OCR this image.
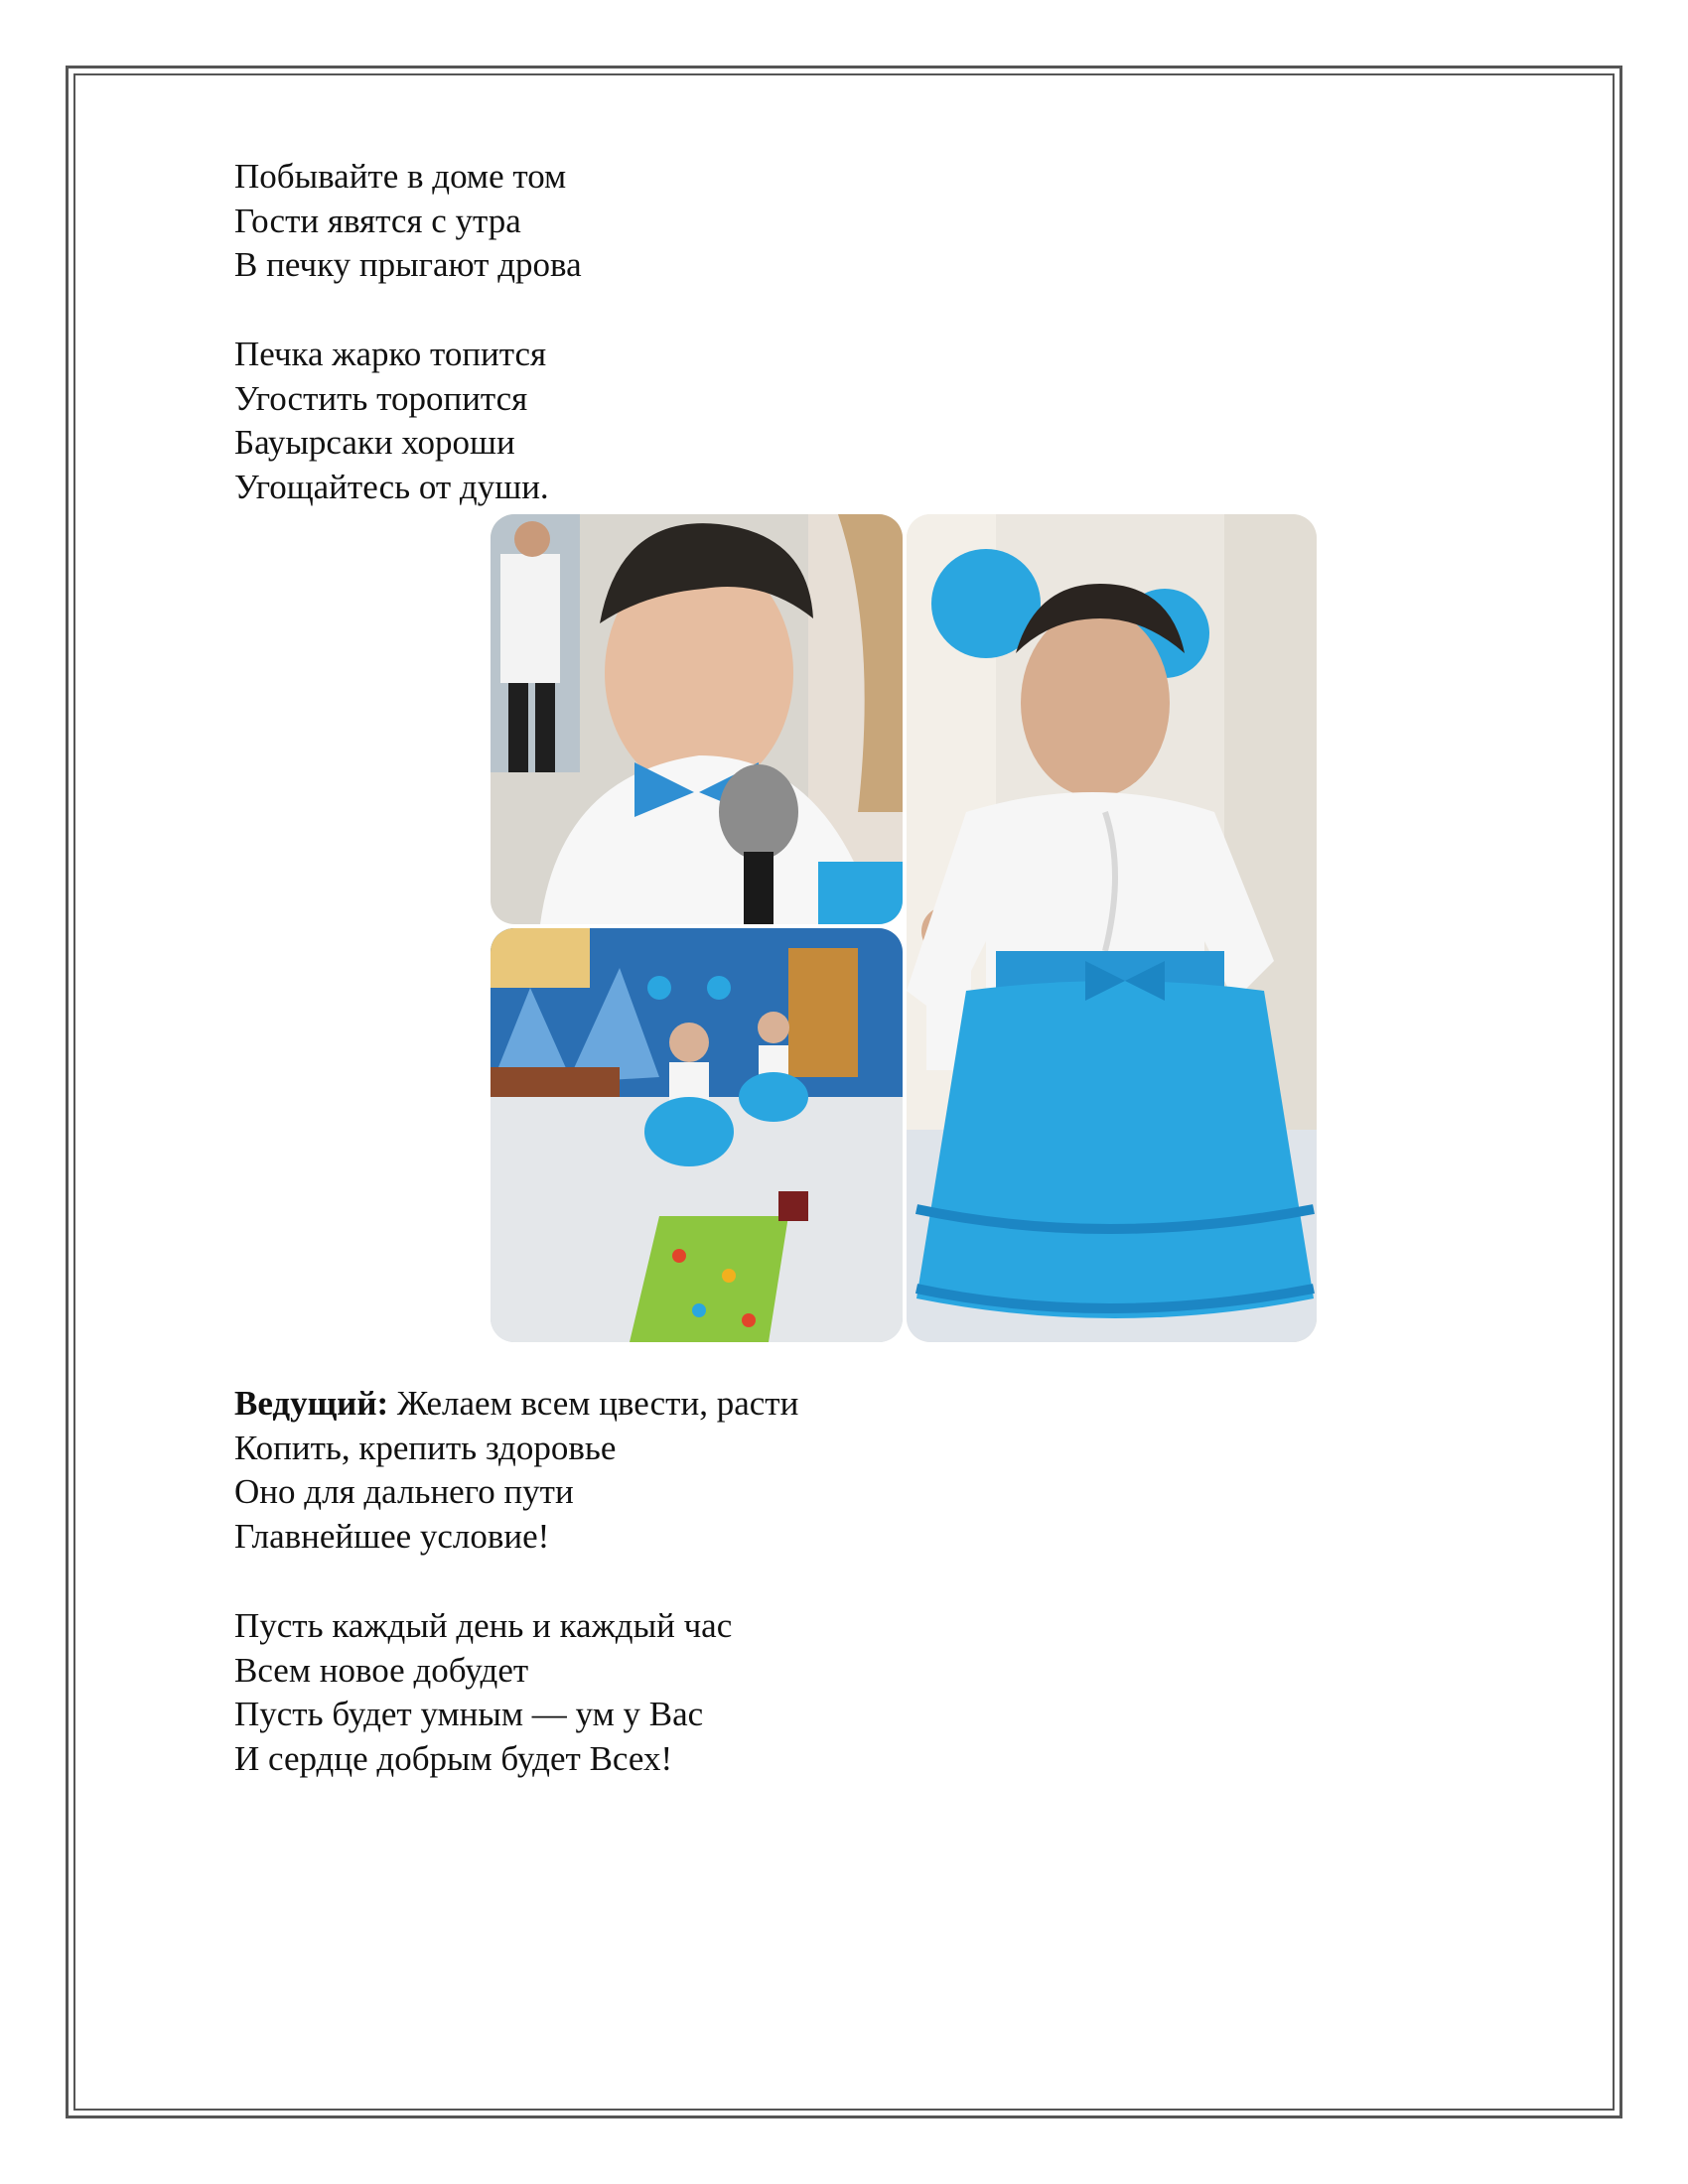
Побывайте в доме том
Гости явятся с утра
В печку прыгают дрова
Печка жарко топится
Угостить торопится
Бауырсаки хороши
Угощайтесь от души.
Ведущий: Желаем всем цвести, расти
Копить, крепить здоровье
Оно для дальнего пути
Главнейшее условие!
Пусть каждый день и каждый час
Всем новое добудет
Пусть будет умным — ум у Вас
И сердце добрым будет Всех!
